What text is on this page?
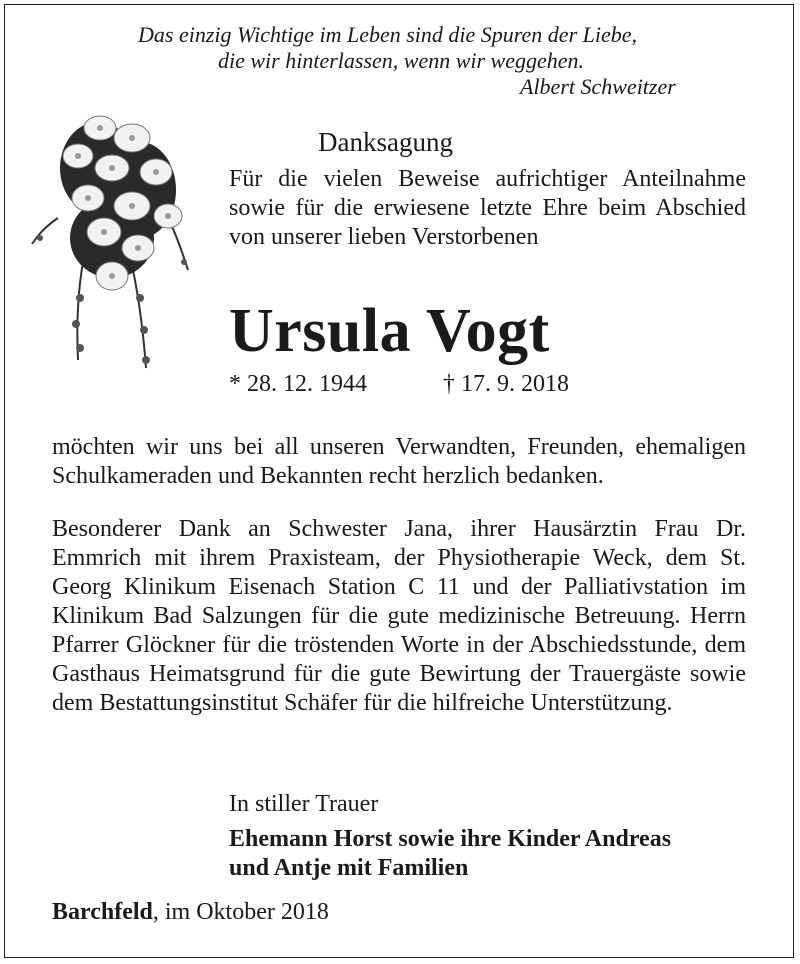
Das einzig Wichtige im Leben sind die Spuren der Liebe,
die wir hinterlassen, wenn wir weggehen.
Albert Schweitzer
Danksagung
Für die vielen Beweise aufrichtiger Anteilnahme sowie für die erwiesene letzte Ehre beim Abschied von unserer lieben Verstorbenen
Ursula Vogt
* 28. 12. 1944	† 17. 9. 2018
möchten wir uns bei all unseren Verwandten, Freunden, ehemaligen Schulkameraden und Bekannten recht herzlich bedanken.
Besonderer Dank an Schwester Jana, ihrer Hausärztin Frau Dr. Emmrich mit ihrem Praxisteam, der Physiotherapie Weck, dem St. Georg Klinikum Eisenach Station C 11 und der Palliativstation im Klinikum Bad Salzungen für die gute medizinische Betreuung. Herrn Pfarrer Glöckner für die tröstenden Worte in der Abschiedsstunde, dem Gasthaus Heimatsgrund für die gute Bewirtung der Trauergäste sowie dem Bestattungsinstitut Schäfer für die hilfreiche Unterstützung.
In stiller Trauer
Ehemann Horst sowie ihre Kinder Andreas
und Antje mit Familien
Barchfeld, im Oktober 2018
